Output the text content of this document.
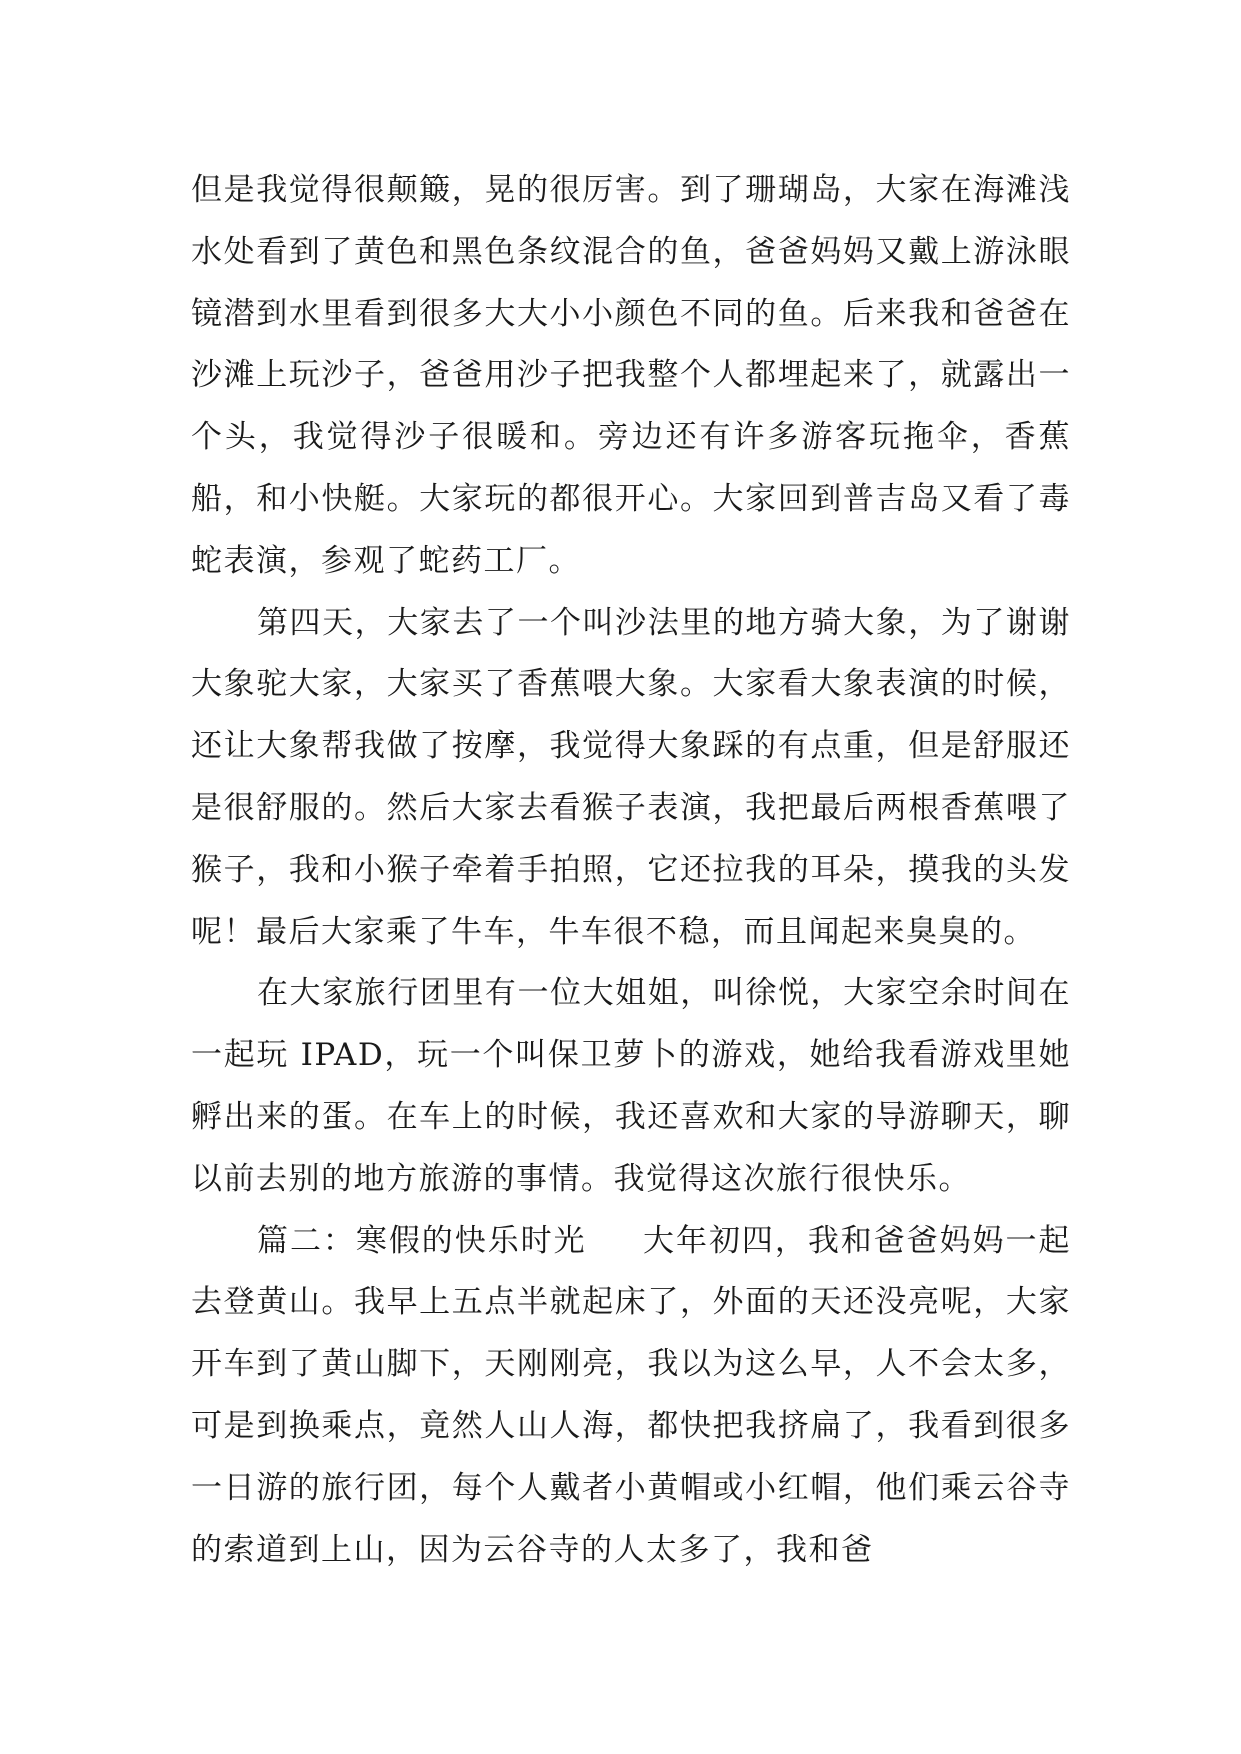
但是我觉得很颠簸，晃的很厉害。到了珊瑚岛，大家在海滩浅水处看到了黄色和黑色条纹混合的鱼，爸爸妈妈又戴上游泳眼镜潜到水里看到很多大大小小颜色不同的鱼。后来我和爸爸在沙滩上玩沙子，爸爸用沙子把我整个人都埋起来了，就露出一个头，我觉得沙子很暖和。旁边还有许多游客玩拖伞，香蕉船，和小快艇。大家玩的都很开心。大家回到普吉岛又看了毒蛇表演，参观了蛇药工厂。

第四天，大家去了一个叫沙法里的地方骑大象，为了谢谢大象驼大家，大家买了香蕉喂大象。大家看大象表演的时候，还让大象帮我做了按摩，我觉得大象踩的有点重，但是舒服还是很舒服的。然后大家去看猴子表演，我把最后两根香蕉喂了猴子，我和小猴子牵着手拍照，它还拉我的耳朵，摸我的头发呢！最后大家乘了牛车，牛车很不稳，而且闻起来臭臭的。

在大家旅行团里有一位大姐姐，叫徐悦，大家空余时间在一起玩 IPAD，玩一个叫保卫萝卜的游戏，她给我看游戏里她孵出来的蛋。在车上的时候，我还喜欢和大家的导游聊天，聊以前去别的地方旅游的事情。我觉得这次旅行很快乐。

篇二：寒假的快乐时光 大年初四，我和爸爸妈妈一起去登黄山。我早上五点半就起床了，外面的天还没亮呢，大家开车到了黄山脚下，天刚刚亮，我以为这么早，人不会太多，可是到换乘点，竟然人山人海，都快把我挤扁了，我看到很多一日游的旅行团，每个人戴者小黄帽或小红帽，他们乘云谷寺的索道到上山，因为云谷寺的人太多了，我和爸
